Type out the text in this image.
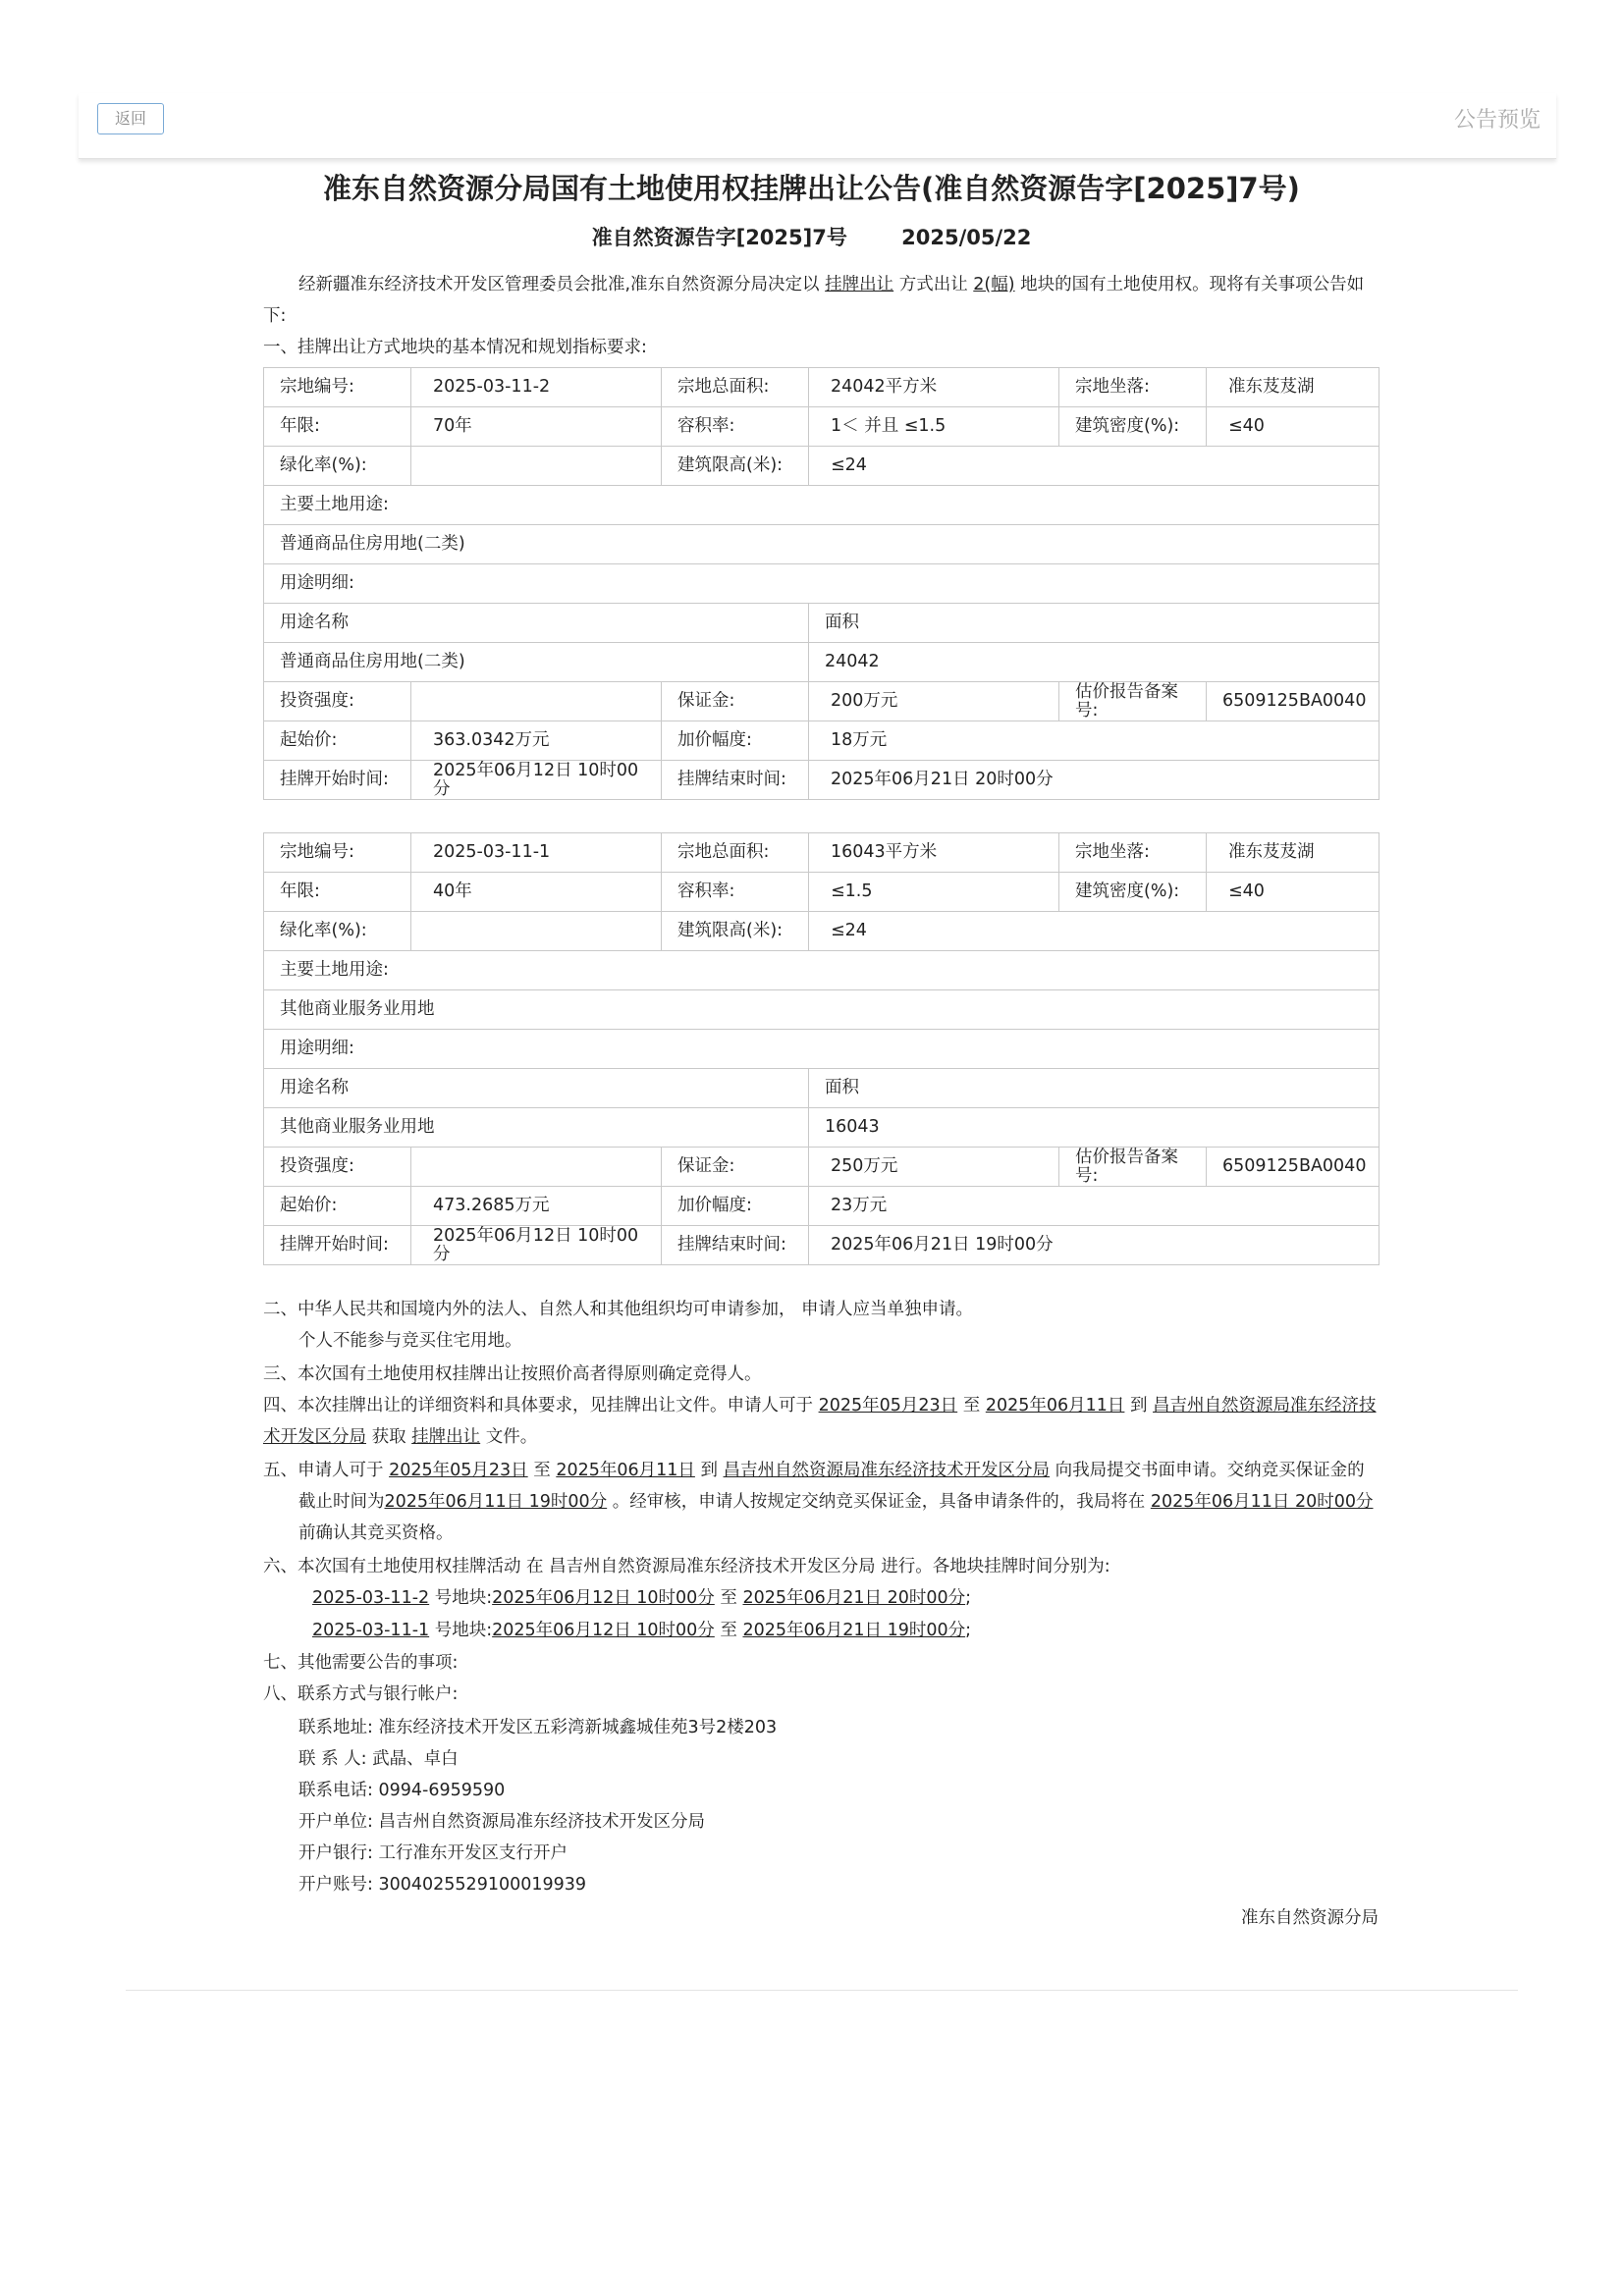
返回	公告预览
准东自然资源分局国有土地使用权挂牌出让公告(准自然资源告字[2025]7号)
准自然资源告字[2025]7号	2025/05/22
经新疆准东经济技术开发区管理委员会批准,准东自然资源分局决定以 挂牌出让 方式出让 2(幅) 地块的国有土地使用权。现将有关事项公告如下:
一、挂牌出让方式地块的基本情况和规划指标要求:
宗地编号:	2025-03-11-2	宗地总面积:	24042平方米	宗地坐落:	准东芨芨湖
年限:	70年	容积率:	1＜ 并且 ≤1.5	建筑密度(%):	≤40
绿化率(%):		建筑限高(米):	≤24		
主要土地用途:					
普通商品住房用地(二类)					
用途明细:					
用途名称			面积		
普通商品住房用地(二类)			24042		
投资强度:		保证金:	200万元	估价报告备案号:	6509125BA0040
起始价:	363.0342万元	加价幅度:	18万元		
挂牌开始时间:	2025年06月12日 10时00分	挂牌结束时间:	2025年06月21日 20时00分		
宗地编号:	2025-03-11-1	宗地总面积:	16043平方米	宗地坐落:	准东芨芨湖
年限:	40年	容积率:	≤1.5	建筑密度(%):	≤40
绿化率(%):		建筑限高(米):	≤24		
主要土地用途:					
其他商业服务业用地					
用途明细:					
用途名称			面积		
其他商业服务业用地			16043		
投资强度:		保证金:	250万元	估价报告备案号:	6509125BA0040
起始价:	473.2685万元	加价幅度:	23万元		
挂牌开始时间:	2025年06月12日 10时00分	挂牌结束时间:	2025年06月21日 19时00分		
二、中华人民共和国境内外的法人、自然人和其他组织均可申请参加， 申请人应当单独申请。
个人不能参与竞买住宅用地。
三、本次国有土地使用权挂牌出让按照价高者得原则确定竞得人。
四、本次挂牌出让的详细资料和具体要求，见挂牌出让文件。申请人可于 2025年05月23日 至 2025年06月11日 到 昌吉州自然资源局准东经济技术开发区分局 获取 挂牌出让 文件。
五、申请人可于 2025年05月23日 至 2025年06月11日 到 昌吉州自然资源局准东经济技术开发区分局 向我局提交书面申请。交纳竞买保证金的截止时间为2025年06月11日 19时00分 。经审核，申请人按规定交纳竞买保证金，具备申请条件的，我局将在 2025年06月11日 20时00分 前确认其竞买资格。
六、本次国有土地使用权挂牌活动 在 昌吉州自然资源局准东经济技术开发区分局 进行。各地块挂牌时间分别为:
2025-03-11-2 号地块:2025年06月12日 10时00分 至 2025年06月21日 20时00分;
2025-03-11-1 号地块:2025年06月12日 10时00分 至 2025年06月21日 19时00分;
七、其他需要公告的事项:
八、联系方式与银行帐户:
联系地址: 准东经济技术开发区五彩湾新城鑫城佳苑3号2楼203
联 系 人: 武晶、卓白
联系电话: 0994-6959590
开户单位: 昌吉州自然资源局准东经济技术开发区分局
开户银行: 工行准东开发区支行开户
开户账号: 3004025529100019939
准东自然资源分局
